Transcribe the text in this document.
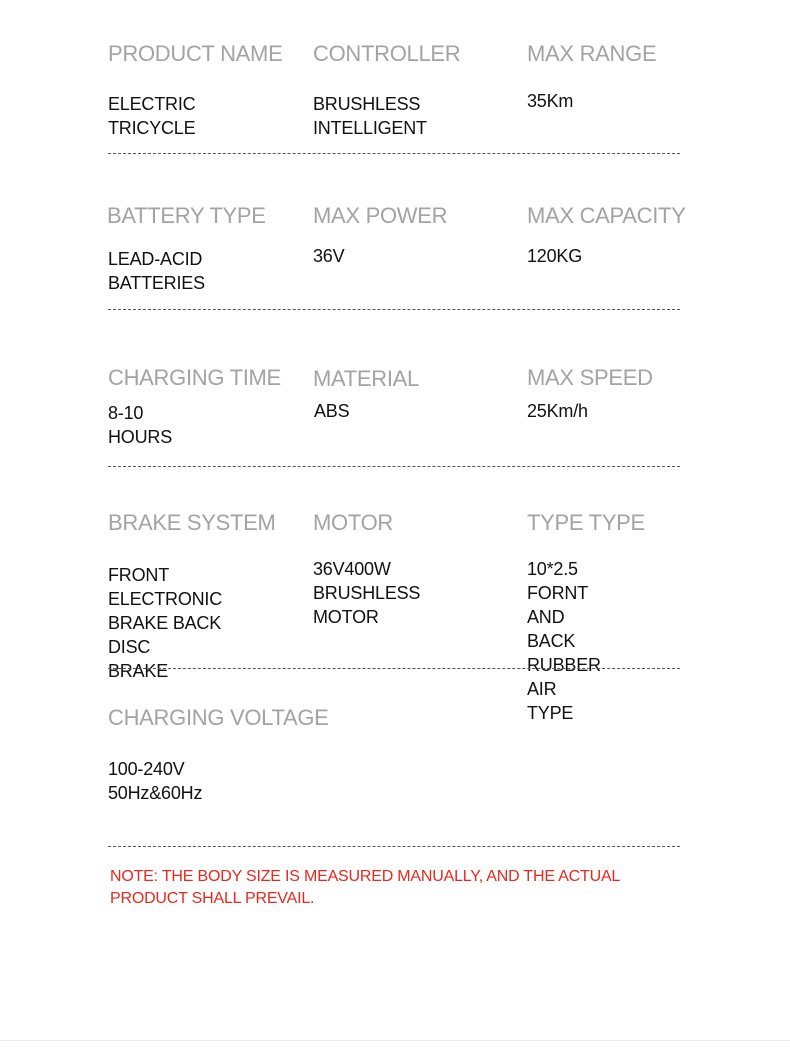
PRODUCT NAME
ELECTRIC TRICYCLE
CONTROLLER
BRUSHLESS
INTELLIGENT
MAX RANGE
35Km
BATTERY TYPE
LEAD-ACID
BATTERIES
MAX POWER
36V
MAX CAPACITY
120KG
CHARGING TIME
8-10 HOURS
MATERIAL
ABS
MAX SPEED
25Km/h
BRAKE SYSTEM
FRONT ELECTRONIC
BRAKE BACK DISC
BRAKE
MOTOR
36V400W
BRUSHLESS MOTOR
TYPE TYPE
10*2.5 FORNT AND
BACK RUBBER AIR
TYPE
CHARGING VOLTAGE
100-240V
50Hz&60Hz
NOTE: THE BODY SIZE IS MEASURED MANUALLY, AND THE ACTUAL PRODUCT SHALL PREVAIL.
